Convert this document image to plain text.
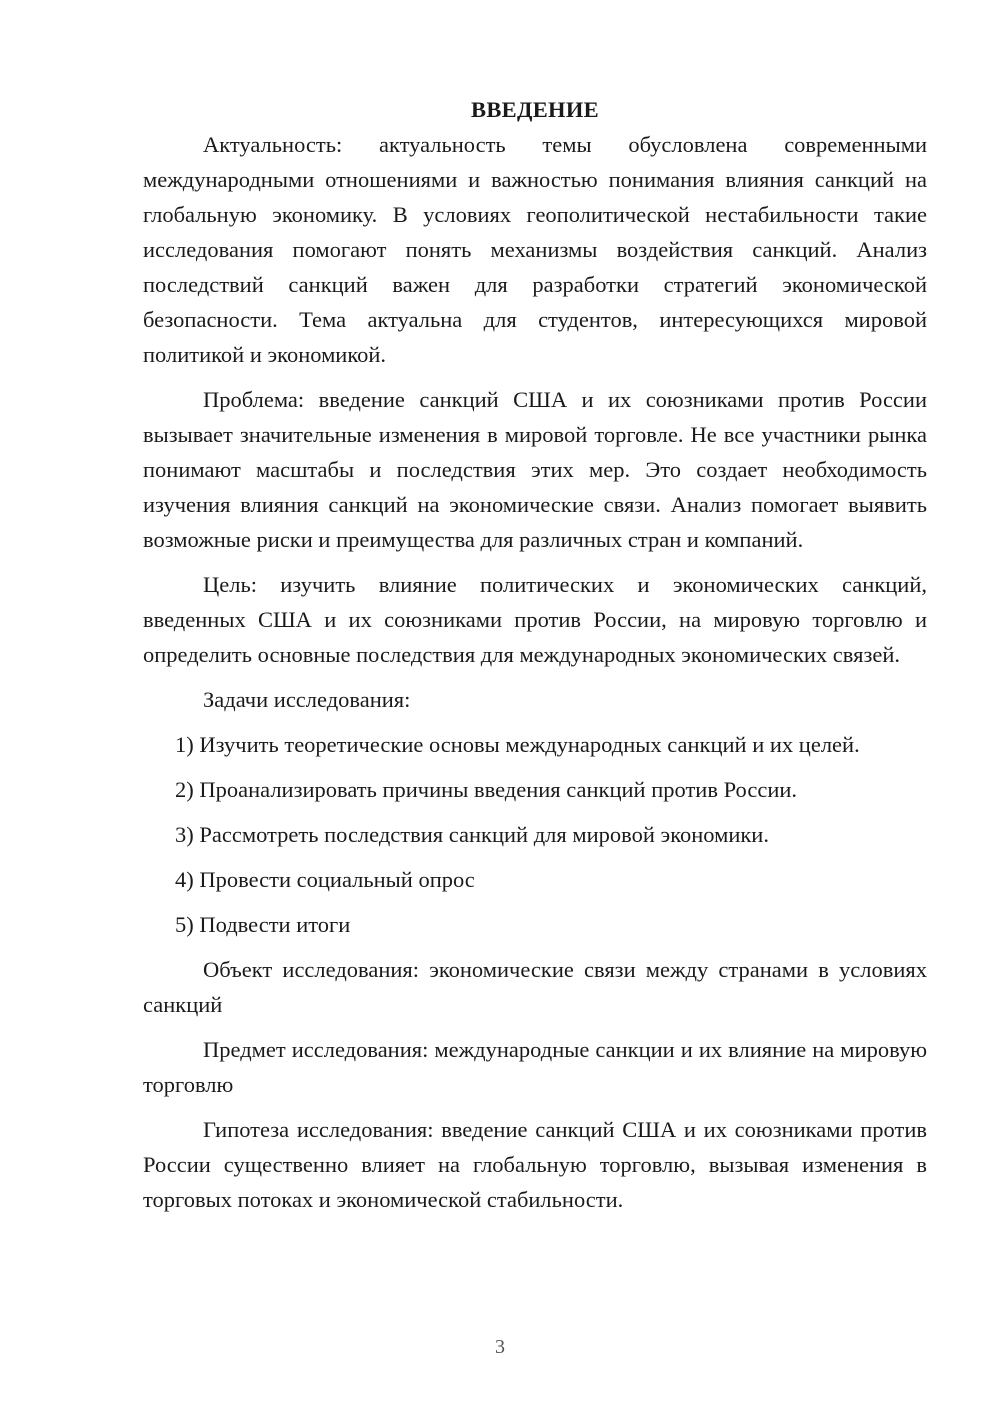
ВВЕДЕНИЕ

Актуальность: актуальность темы обусловлена современными международными отношениями и важностью понимания влияния санкций на глобальную экономику. В условиях геополитической нестабильности такие исследования помогают понять механизмы воздействия санкций. Анализ последствий санкций важен для разработки стратегий экономической безопасности. Тема актуальна для студентов, интересующихся мировой политикой и экономикой.

Проблема: введение санкций США и их союзниками против России вызывает значительные изменения в мировой торговле. Не все участники рынка понимают масштабы и последствия этих мер. Это создает необходимость изучения влияния санкций на экономические связи. Анализ помогает выявить возможные риски и преимущества для различных стран и компаний.

Цель: изучить влияние политических и экономических санкций, введенных США и их союзниками против России, на мировую торговлю и определить основные последствия для международных экономических связей.

Задачи исследования:

1) Изучить теоретические основы международных санкций и их целей.
2) Проанализировать причины введения санкций против России.
3) Рассмотреть последствия санкций для мировой экономики.
4) Провести социальный опрос
5) Подвести итоги

Объект исследования: экономические связи между странами в условиях санкций

Предмет исследования: международные санкции и их влияние на мировую торговлю

Гипотеза исследования: введение санкций США и их союзниками против России существенно влияет на глобальную торговлю, вызывая изменения в торговых потоках и экономической стабильности.

3
